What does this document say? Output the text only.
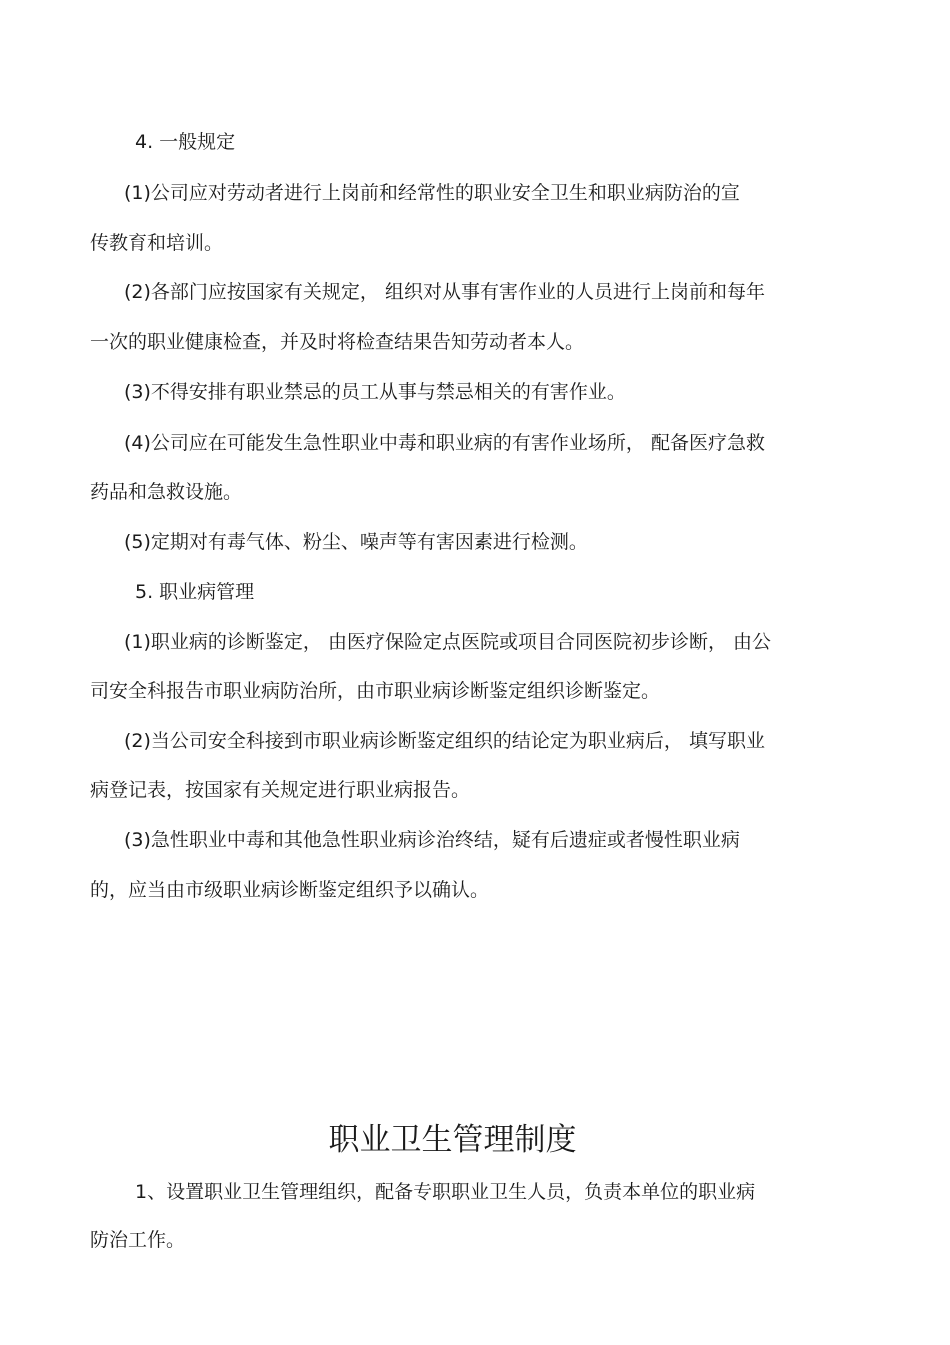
4. 一般规定

(1)公司应对劳动者进行上岗前和经常性的职业安全卫生和职业病防治的宣

传教育和培训。

(2)各部门应按国家有关规定， 组织对从事有害作业的人员进行上岗前和每年

一次的职业健康检查，并及时将检查结果告知劳动者本人。

(3)不得安排有职业禁忌的员工从事与禁忌相关的有害作业。

(4)公司应在可能发生急性职业中毒和职业病的有害作业场所， 配备医疗急救

药品和急救设施。

(5)定期对有毒气体、粉尘、噪声等有害因素进行检测。

5. 职业病管理

(1)职业病的诊断鉴定， 由医疗保险定点医院或项目合同医院初步诊断， 由公

司安全科报告市职业病防治所，由市职业病诊断鉴定组织诊断鉴定。

(2)当公司安全科接到市职业病诊断鉴定组织的结论定为职业病后， 填写职业

病登记表，按国家有关规定进行职业病报告。

(3)急性职业中毒和其他急性职业病诊治终结，疑有后遗症或者慢性职业病

的，应当由市级职业病诊断鉴定组织予以确认。

职业卫生管理制度

1、设置职业卫生管理组织，配备专职职业卫生人员，负责本单位的职业病

防治工作。
